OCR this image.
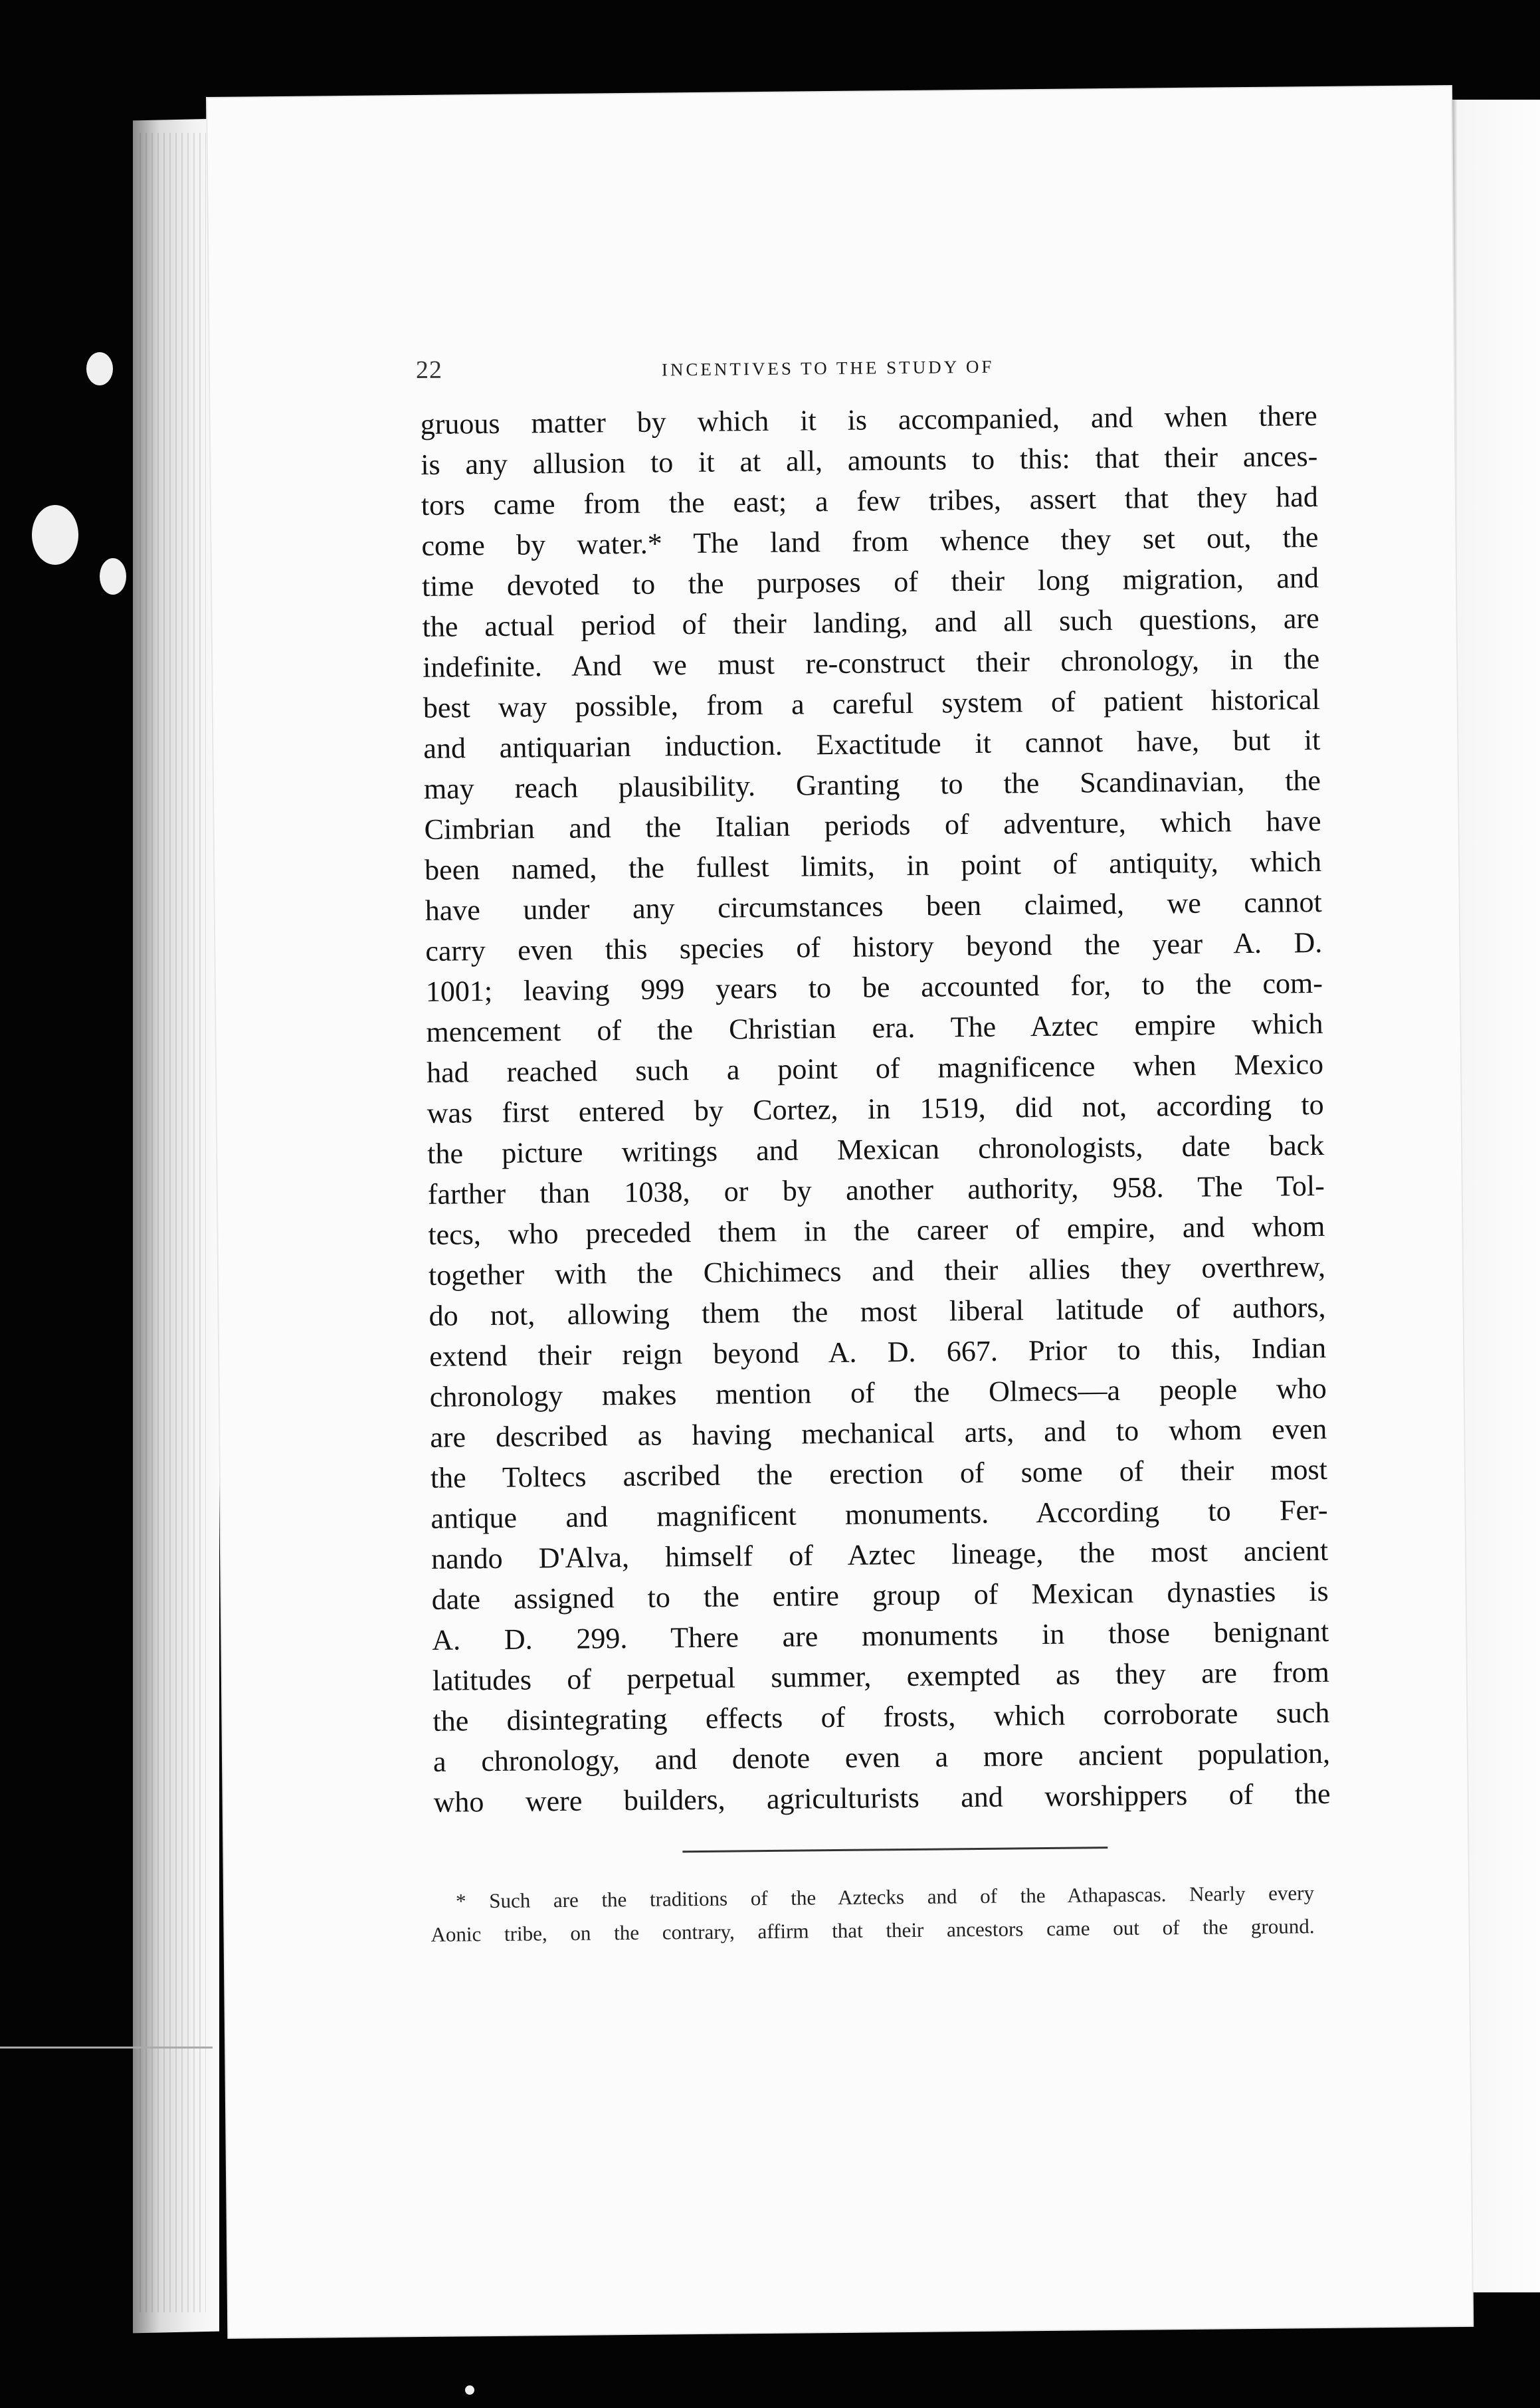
22	INCENTIVES TO THE STUDY OF
gruous matter by which it is accompanied, and when there
is any allusion to it at all, amounts to this: that their ances-
tors came from the east; a few tribes, assert that they had
come by water.* The land from whence they set out, the
time devoted to the purposes of their long migration, and
the actual period of their landing, and all such questions, are
indefinite. And we must re-construct their chronology, in the
best way possible, from a careful system of patient historical
and antiquarian induction. Exactitude it cannot have, but it
may reach plausibility. Granting to the Scandinavian, the
Cimbrian and the Italian periods of adventure, which have
been named, the fullest limits, in point of antiquity, which
have under any circumstances been claimed, we cannot
carry even this species of history beyond the year A. D.
1001; leaving 999 years to be accounted for, to the com-
mencement of the Christian era. The Aztec empire which
had reached such a point of magnificence when Mexico
was first entered by Cortez, in 1519, did not, according to
the picture writings and Mexican chronologists, date back
farther than 1038, or by another authority, 958. The Tol-
tecs, who preceded them in the career of empire, and whom
together with the Chichimecs and their allies they overthrew,
do not, allowing them the most liberal latitude of authors,
extend their reign beyond A. D. 667. Prior to this, Indian
chronology makes mention of the Olmecs—a people who
are described as having mechanical arts, and to whom even
the Toltecs ascribed the erection of some of their most
antique and magnificent monuments. According to Fer-
nando D'Alva, himself of Aztec lineage, the most ancient
date assigned to the entire group of Mexican dynasties is
A. D. 299. There are monuments in those benignant
latitudes of perpetual summer, exempted as they are from
the disintegrating effects of frosts, which corroborate such
a chronology, and denote even a more ancient population,
who were builders, agriculturists and worshippers of the
* Such are the traditions of the Aztecks and of the Athapascas. Nearly every
Aonic tribe, on the contrary, affirm that their ancestors came out of the ground.
